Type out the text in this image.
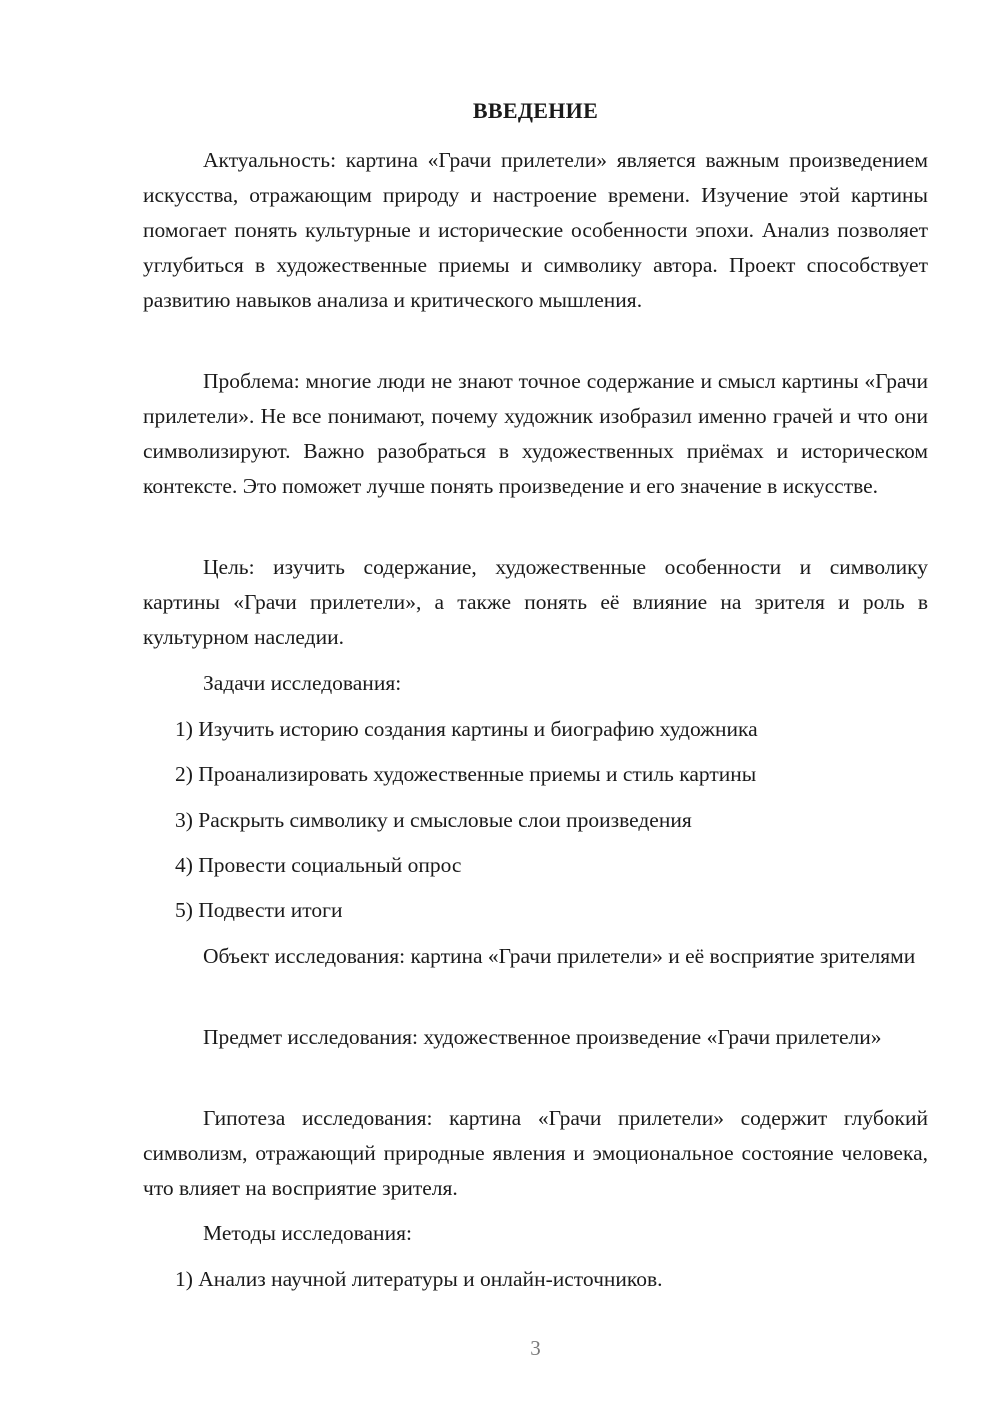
ВВЕДЕНИЕ

Актуальность: картина «Грачи прилетели» является важным произведением искусства, отражающим природу и настроение времени. Изучение этой картины помогает понять культурные и исторические особенности эпохи. Анализ позволяет углубиться в художественные приемы и символику автора. Проект способствует развитию навыков анализа и критического мышления.

Проблема: многие люди не знают точное содержание и смысл картины «Грачи прилетели». Не все понимают, почему художник изобразил именно грачей и что они символизируют. Важно разобраться в художественных приёмах и историческом контексте. Это поможет лучше понять произведение и его значение в искусстве.

Цель: изучить содержание, художественные особенности и символику картины «Грачи прилетели», а также понять её влияние на зрителя и роль в культурном наследии.

Задачи исследования:

1) Изучить историю создания картины и биографию художника

2) Проанализировать художественные приемы и стиль картины

3) Раскрыть символику и смысловые слои произведения

4) Провести социальный опрос

5) Подвести итоги

Объект исследования: картина «Грачи прилетели» и её восприятие зрителями

Предмет исследования: художественное произведение «Грачи прилетели»

Гипотеза исследования: картина «Грачи прилетели» содержит глубокий символизм, отражающий природные явления и эмоциональное состояние человека, что влияет на восприятие зрителя.

Методы исследования:

1) Анализ научной литературы и онлайн-источников.

3
